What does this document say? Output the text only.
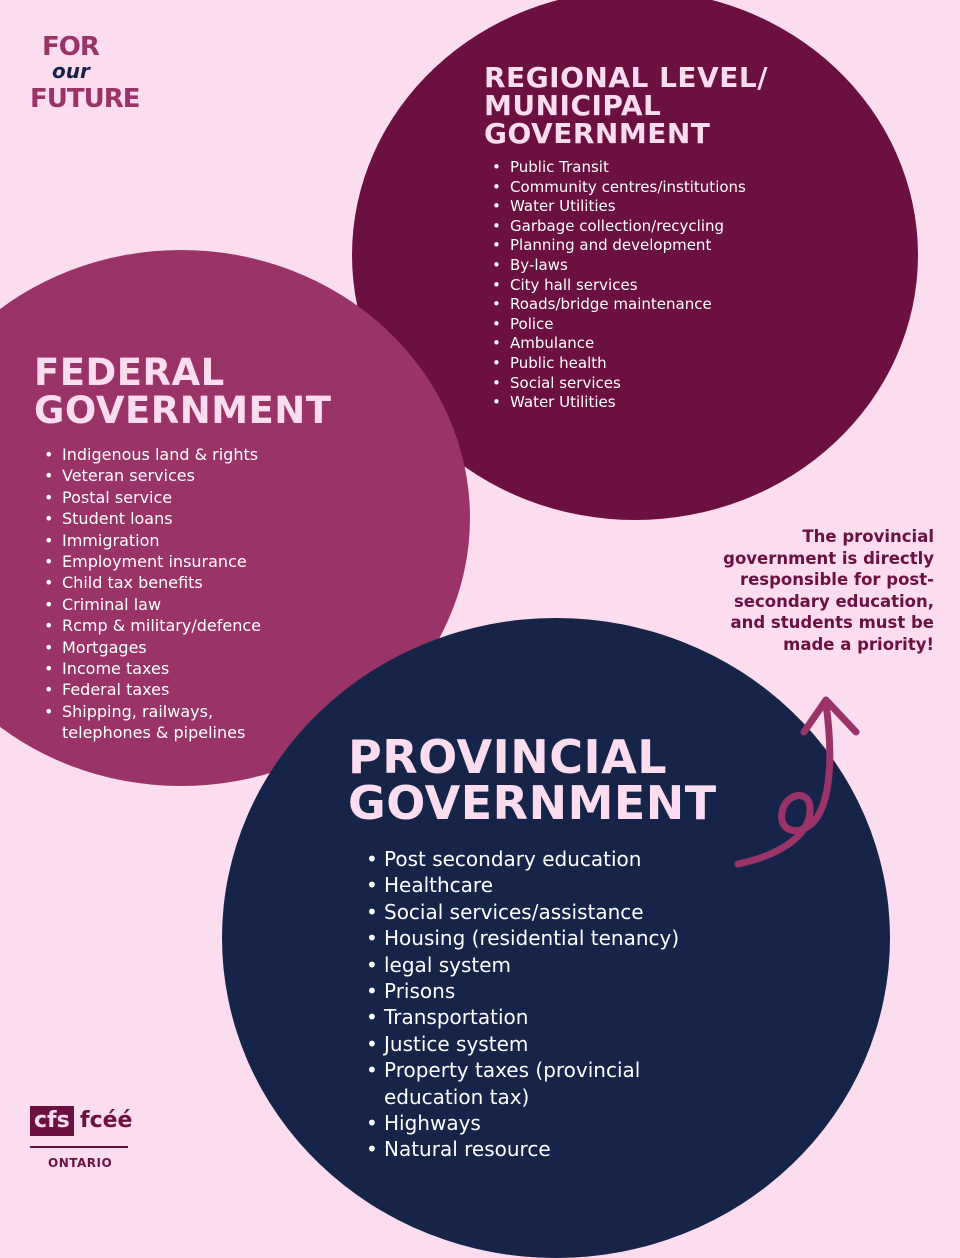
FOR
our
FUTURE
REGIONAL LEVEL/
MUNICIPAL
GOVERNMENT
• Public Transit
• Community centres/institutions
• Water Utilities
• Garbage collection/recycling
• Planning and development
• By-laws
• City hall services
• Roads/bridge maintenance
• Police
• Ambulance
• Public health
• Social services
• Water Utilities
FEDERAL
GOVERNMENT
• Indigenous land & rights
• Veteran services
• Postal service
• Student loans
• Immigration
• Employment insurance
• Child tax benefits
• Criminal law
• Rcmp & military/defence
• Mortgages
• Income taxes
• Federal taxes
• Shipping, railways,
telephones & pipelines	PROVINCIAL
GOVERNMENT
• Post secondary education
• Healthcare
• Social services/assistance
• Housing (residential tenancy)
• legal system
• Prisons
• Transportation
• Justice system
• Property taxes (provincial
education tax)
• Highways
• Natural resource
The provincial
government is directly
responsible for post-
secondary education,
and students must be
made a priority!
cfs fcéé
ONTARIO
